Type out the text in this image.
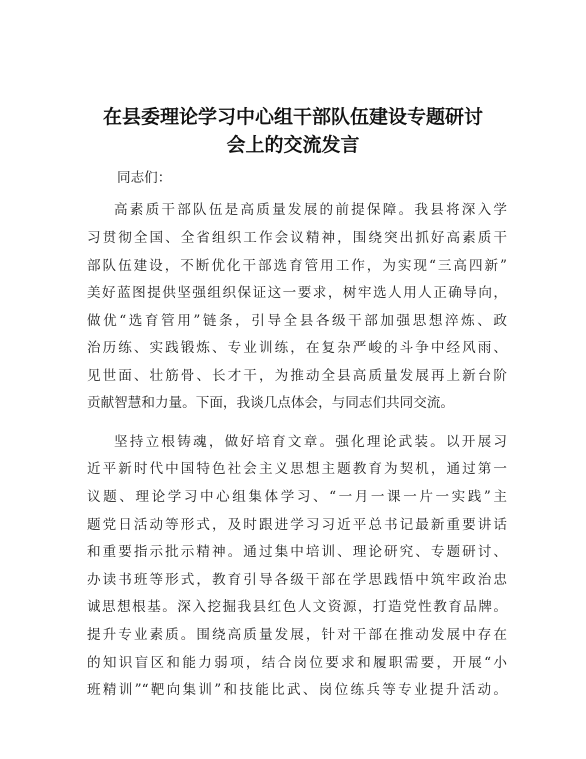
在县委理论学习中心组干部队伍建设专题研讨
会上的交流发言
同志们：
高素质干部队伍是高质量发展的前提保障。我县将深入学
习贯彻全国、全省组织工作会议精神，围绕突出抓好高素质干
部队伍建设，不断优化干部选育管用工作，为实现“三高四新”
美好蓝图提供坚强组织保证这一要求，树牢选人用人正确导向，
做优“选育管用”链条，引导全县各级干部加强思想淬炼、政
治历练、实践锻炼、专业训练，在复杂严峻的斗争中经风雨、
见世面、壮筋骨、长才干，为推动全县高质量发展再上新台阶
贡献智慧和力量。下面，我谈几点体会，与同志们共同交流。
坚持立根铸魂，做好培育文章。强化理论武装。以开展习
近平新时代中国特色社会主义思想主题教育为契机，通过第一
议题、理论学习中心组集体学习、“一月一课一片一实践”主
题党日活动等形式，及时跟进学习习近平总书记最新重要讲话
和重要指示批示精神。通过集中培训、理论研究、专题研讨、
办读书班等形式，教育引导各级干部在学思践悟中筑牢政治忠
诚思想根基。深入挖掘我县红色人文资源，打造党性教育品牌。
提升专业素质。围绕高质量发展，针对干部在推动发展中存在
的知识盲区和能力弱项，结合岗位要求和履职需要，开展“小
班精训”“靶向集训”和技能比武、岗位练兵等专业提升活动。
